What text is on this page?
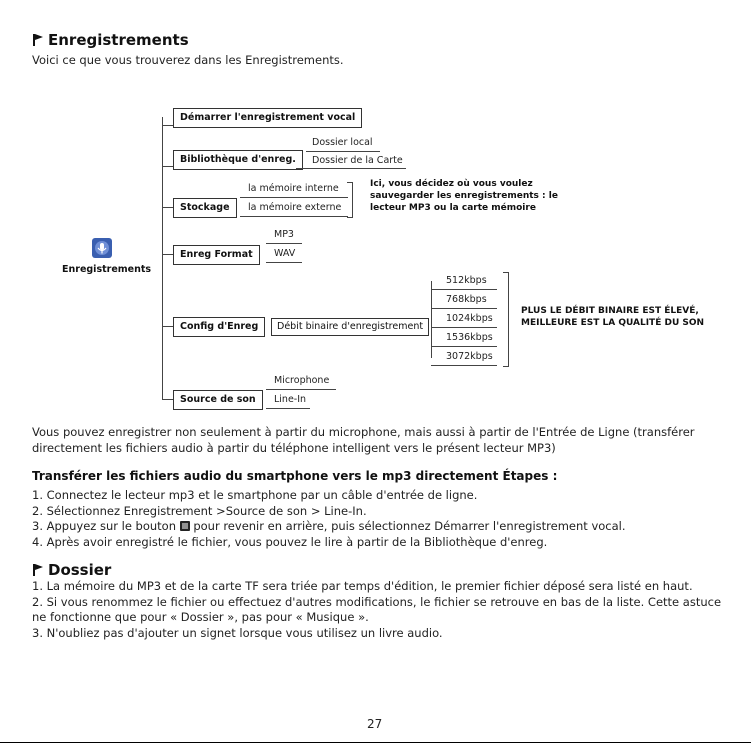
Enregistrements
Voici ce que vous trouverez dans les Enregistrements.
Enregistrements
Démarrer l'enregistrement vocal
Bibliothèque d'enreg.
Dossier local
Dossier de la Carte
Stockage
la mémoire interne
la mémoire externe
Ici, vous décidez où vous voulez sauvegarder les enregistrements : le lecteur MP3 ou la carte mémoire
Enreg Format
MP3
WAV
Config d'Enreg	Débit binaire d'enregistrement
512kbps
768kbps
1024kbps
1536kbps
3072kbps
PLUS LE DÉBIT BINAIRE EST ÉLEVÉ, MEILLEURE EST LA QUALITÉ DU SON
Source de son
Microphone
Line-In
Vous pouvez enregistrer non seulement à partir du microphone, mais aussi à partir de l'Entrée de Ligne (transférer
directement les fichiers audio à partir du téléphone intelligent vers le présent lecteur MP3)
Transférer les fichiers audio du smartphone vers le mp3 directement Étapes :
1. Connectez le lecteur mp3 et le smartphone par un câble d'entrée de ligne.
2. Sélectionnez Enregistrement >Source de son > Line-In.
3. Appuyez sur le bouton  pour revenir en arrière, puis sélectionnez Démarrer l'enregistrement vocal.
4. Après avoir enregistré le fichier, vous pouvez le lire à partir de la Bibliothèque d'enreg.
Dossier
1. La mémoire du MP3 et de la carte TF sera triée par temps d'édition, le premier fichier déposé sera listé en haut.
2. Si vous renommez le fichier ou effectuez d'autres modifications, le fichier se retrouve en bas de la liste. Cette astuce
ne fonctionne que pour « Dossier », pas pour « Musique ».
3. N'oubliez pas d'ajouter un signet lorsque vous utilisez un livre audio.
27
